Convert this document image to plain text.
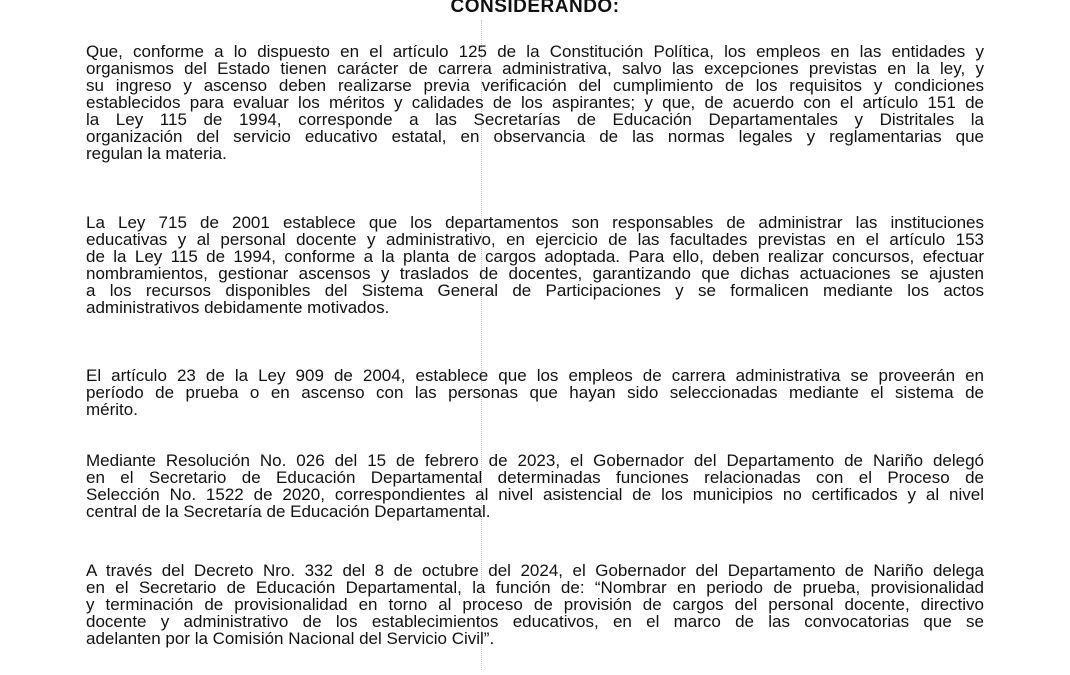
CONSIDERANDO:
Que, conforme a lo dispuesto en el artículo 125 de la Constitución Política, los empleos en las entidades y
organismos del Estado tienen carácter de carrera administrativa, salvo las excepciones previstas en la ley, y
su ingreso y ascenso deben realizarse previa verificación del cumplimiento de los requisitos y condiciones
establecidos para evaluar los méritos y calidades de los aspirantes; y que, de acuerdo con el artículo 151 de
la Ley 115 de 1994, corresponde a las Secretarías de Educación Departamentales y Distritales la
organización del servicio educativo estatal, en observancia de las normas legales y reglamentarias que
regulan la materia.
La Ley 715 de 2001 establece que los departamentos son responsables de administrar las instituciones
educativas y al personal docente y administrativo, en ejercicio de las facultades previstas en el artículo 153
de la Ley 115 de 1994, conforme a la planta de cargos adoptada. Para ello, deben realizar concursos, efectuar
nombramientos, gestionar ascensos y traslados de docentes, garantizando que dichas actuaciones se ajusten
a los recursos disponibles del Sistema General de Participaciones y se formalicen mediante los actos
administrativos debidamente motivados.
El artículo 23 de la Ley 909 de 2004, establece que los empleos de carrera administrativa se proveerán en
período de prueba o en ascenso con las personas que hayan sido seleccionadas mediante el sistema de
mérito.
Mediante Resolución No. 026 del 15 de febrero de 2023, el Gobernador del Departamento de Nariño delegó
en el Secretario de Educación Departamental determinadas funciones relacionadas con el Proceso de
Selección No. 1522 de 2020, correspondientes al nivel asistencial de los municipios no certificados y al nivel
central de la Secretaría de Educación Departamental.
A través del Decreto Nro. 332 del 8 de octubre del 2024, el Gobernador del Departamento de Nariño delega
en el Secretario de Educación Departamental, la función de: “Nombrar en periodo de prueba, provisionalidad
y terminación de provisionalidad en torno al proceso de provisión de cargos del personal docente, directivo
docente y administrativo de los establecimientos educativos, en el marco de las convocatorias que se
adelanten por la Comisión Nacional del Servicio Civil”.
